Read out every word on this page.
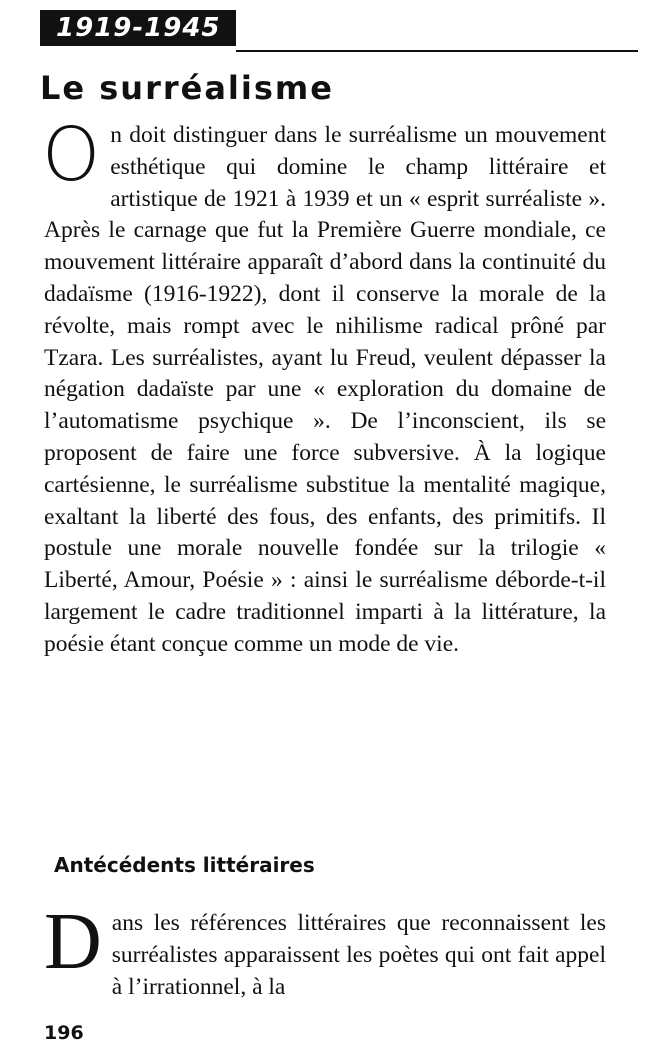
1919-1945
Le surréalisme

On doit distinguer dans le surréalisme un mouvement esthétique qui domine le champ littéraire et artistique de 1921 à 1939 et un « esprit surréaliste ». Après le carnage que fut la Première Guerre mondiale, ce mouvement littéraire apparaît d’abord dans la continuité du dadaïsme (1916-1922), dont il conserve la morale de la révolte, mais rompt avec le nihilisme radical prôné par Tzara. Les surréalistes, ayant lu Freud, veulent dépasser la négation dadaïste par une « exploration du domaine de l’automatisme psychique ». De l’inconscient, ils se proposent de faire une force subversive. À la logique cartésienne, le surréalisme substitue la mentalité magique, exaltant la liberté des fous, des enfants, des primitifs. Il postule une morale nouvelle fondée sur la trilogie « Liberté, Amour, Poésie » : ainsi le surréalisme déborde-t-il largement le cadre traditionnel imparti à la littérature, la poésie étant conçue comme un mode de vie.

Antécédents littéraires

Dans les références littéraires que reconnaissent les surréalistes apparaissent les poètes qui ont fait appel à l’irrationnel, à la

196
